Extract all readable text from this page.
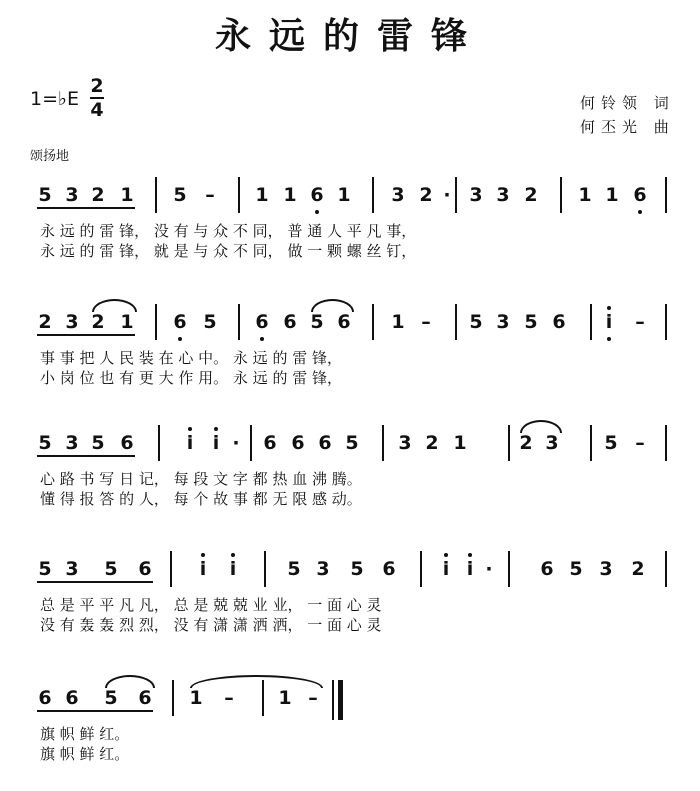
永远的雷锋
1=♭E
2
4	何铃领 词
何丕光 曲
颂扬地
5 3 2 1 5 – 1 1 6 1 3 2 · 3 3 2 1 1 6
永 远 的 雷 锋， 没 有 与 众 不 同， 普 通 人 平 凡 事，
永 远 的 雷 锋， 就 是 与 众 不 同， 做 一 颗 螺 丝 钉，
2 3 2 1 6 5 6 6 5 6 1 – 5 3 5 6 i –
事 事 把 人 民 装 在 心 中。 永 远 的 雷 锋，
小 岗 位 也 有 更 大 作 用。 永 远 的 雷 锋，
5 3 5 6	i i · 6 6 6 5 3 2 1	2 3 5 –
心 路 书 写 日 记， 每 段 文 字 都 热 血 沸 腾。
懂 得 报 答 的 人， 每 个 故 事 都 无 限 感 动。
5 3 5 6	i i	5 3 5 6 i i ·	6 5 3 2
总 是 平 平 凡 凡， 总 是 兢 兢 业 业， 一 面 心 灵
没 有 轰 轰 烈 烈， 没 有 潇 潇 洒 洒， 一 面 心 灵
6 6 5 6 1 – 1 –
旗 帜 鲜 红。
旗 帜 鲜 红。
